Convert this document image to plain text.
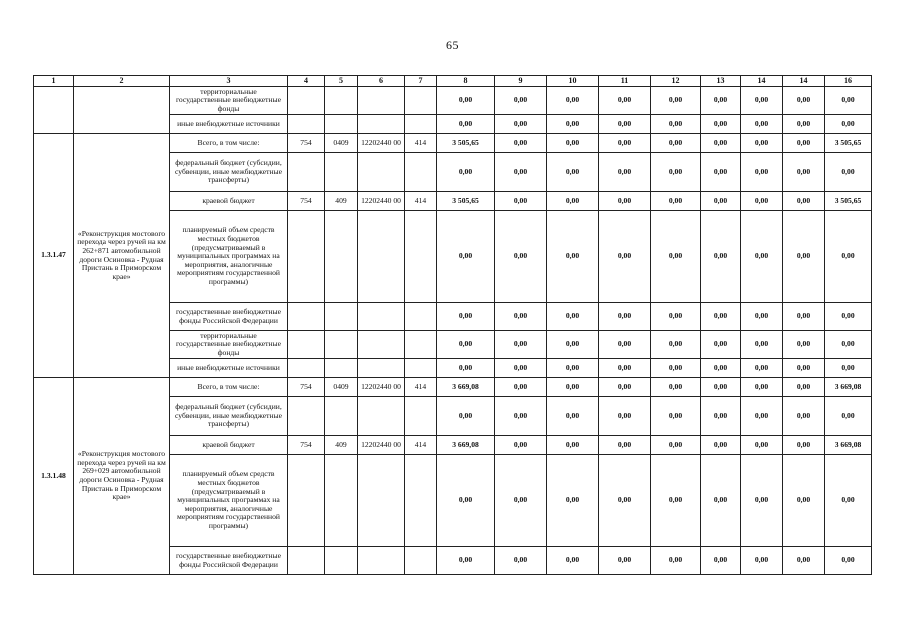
65
1	2	3	4	5	6	7	8	9	10	11	12	13	14	14	16
		территориальные государственные внебюджетные фонды					0,00	0,00	0,00	0,00	0,00	0,00	0,00	0,00	0,00
		иные внебюджетные источники					0,00	0,00	0,00	0,00	0,00	0,00	0,00	0,00	0,00
1.3.1.47	«Реконструкция мостового перехода через ручей на км 262+871 автомобильной дороги Осиновка - Рудная Пристань в Приморском крае»	Всего, в том числе:	754	0409	12202440 00	414	3 505,65	0,00	0,00	0,00	0,00	0,00	0,00	0,00	3 505,65
		федеральный бюджет (субсидии, субвенции, иные межбюджетные трансферты)					0,00	0,00	0,00	0,00	0,00	0,00	0,00	0,00	0,00
		краевой бюджет	754	409	12202440 00	414	3 505,65	0,00	0,00	0,00	0,00	0,00	0,00	0,00	3 505,65
		планируемый объем средств местных бюджетов (предусматриваемый в муниципальных программах на мероприятия, аналогичные мероприятиям государственной программы)					0,00	0,00	0,00	0,00	0,00	0,00	0,00	0,00	0,00
		государственные внебюджетные фонды Российской Федерации					0,00	0,00	0,00	0,00	0,00	0,00	0,00	0,00	0,00
		территориальные государственные внебюджетные фонды					0,00	0,00	0,00	0,00	0,00	0,00	0,00	0,00	0,00
		иные внебюджетные источники					0,00	0,00	0,00	0,00	0,00	0,00	0,00	0,00	0,00
1.3.1.48	«Реконструкция мостового перехода через ручей на км 269+029 автомобильной дороги Осиновка - Рудная Пристань в Приморском крае»	Всего, в том числе:	754	0409	12202440 00	414	3 669,08	0,00	0,00	0,00	0,00	0,00	0,00	0,00	3 669,08
		федеральный бюджет (субсидии, субвенции, иные межбюджетные трансферты)					0,00	0,00	0,00	0,00	0,00	0,00	0,00	0,00	0,00
		краевой бюджет	754	409	12202440 00	414	3 669,08	0,00	0,00	0,00	0,00	0,00	0,00	0,00	3 669,08
		планируемый объем средств местных бюджетов (предусматриваемый в муниципальных программах на мероприятия, аналогичные мероприятиям государственной программы)					0,00	0,00	0,00	0,00	0,00	0,00	0,00	0,00	0,00
		государственные внебюджетные фонды Российской Федерации					0,00	0,00	0,00	0,00	0,00	0,00	0,00	0,00	0,00
